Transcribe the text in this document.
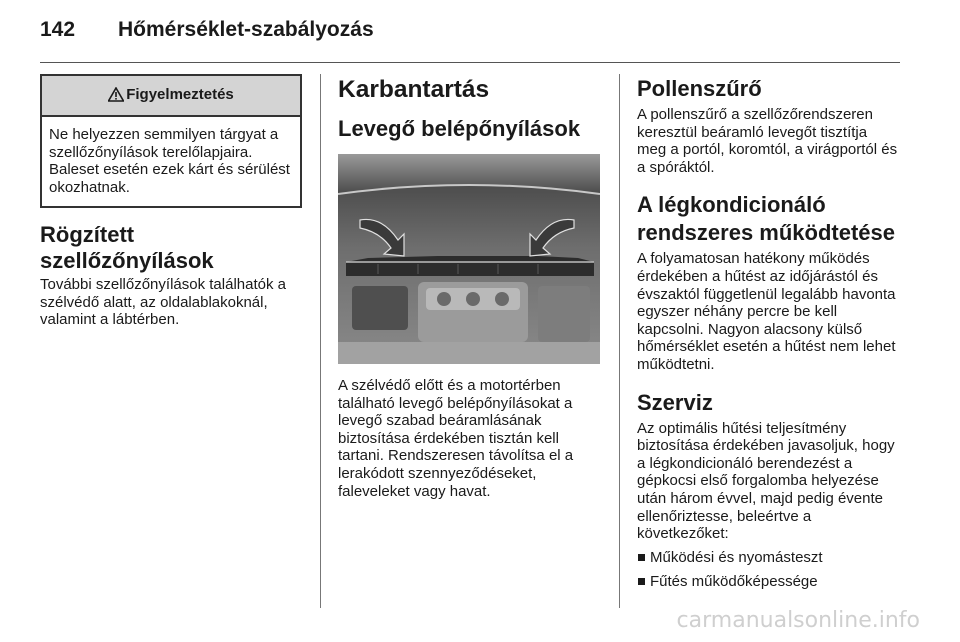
142 Hőmérséklet-szabályozás
Figyelmeztetés
Ne helyezzen semmilyen tárgyat a szellőzőnyílások terelőlapjaira. Baleset esetén ezek kárt és sérülést okozhatnak.

Rögzített szellőzőnyílások

További szellőzőnyílások találhatók a szélvédő alatt, az oldalablakoknál, valamint a lábtérben.

Karbantartás

Levegő belépőnyílások

A szélvédő előtt és a motortérben található levegő belépőnyílásokat a levegő szabad beáramlásának biztosítása érdekében tisztán kell tartani. Rendszeresen távolítsa el a lerakódott szennyeződéseket, faleveleket vagy havat.

Pollenszűrő

A pollenszűrő a szellőzőrendszeren keresztül beáramló levegőt tisztítja meg a portól, koromtól, a virágportól és a spóráktól.

A légkondicionáló

rendszeres működtetése

A folyamatosan hatékony működés érdekében a hűtést az időjárástól és évszaktól függetlenül legalább havonta egyszer néhány percre be kell kapcsolni. Nagyon alacsony külső hőmérséklet esetén a hűtést nem lehet működtetni.

Szerviz

Az optimális hűtési teljesítmény biztosítása érdekében javasoljuk, hogy a légkondicionáló berendezést a gépkocsi első forgalomba helyezése után három évvel, majd pedig évente ellenőriztesse, beleértve a következőket:

Működési és nyomásteszt
Fűtés működőképessége
carmanualsonline.info
